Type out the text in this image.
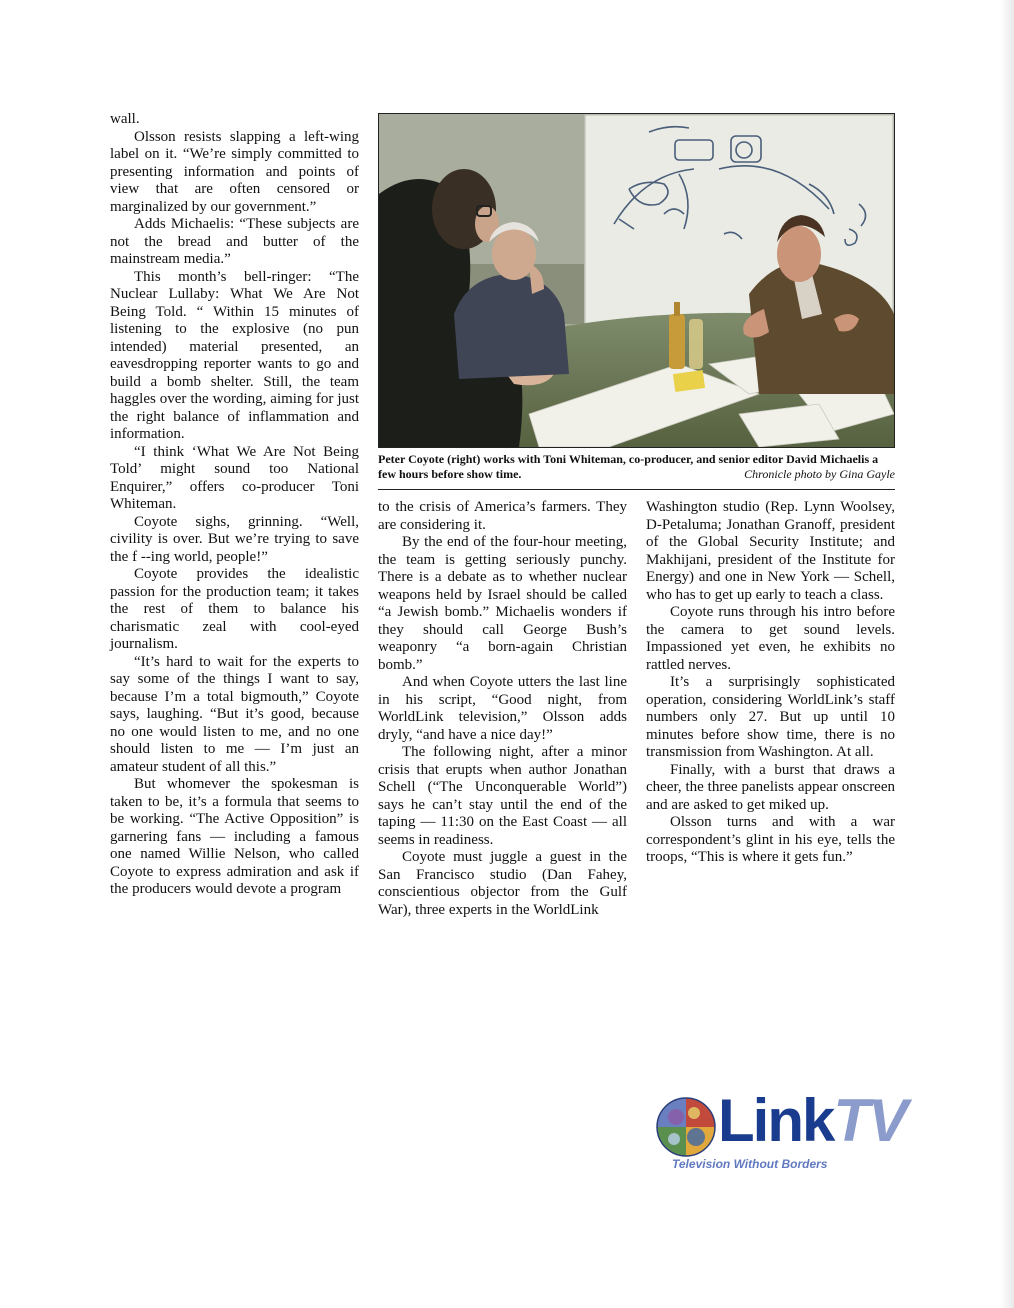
wall.

Olsson resists slapping a left-wing label on it. “We’re simply committed to presenting information and points of view that are often censored or marginalized by our government.”

Adds Michaelis: “These subjects are not the bread and butter of the mainstream media.”

This month’s bell-ringer: “The Nuclear Lullaby: What We Are Not Being Told. “ Within 15 minutes of listening to the explosive (no pun intended) material presented, an eavesdropping reporter wants to go and build a bomb shelter. Still, the team haggles over the wording, aiming for just the right balance of inflammation and information.

“I think ‘What We Are Not Being Told’ might sound too National Enquirer,” offers co-producer Toni Whiteman.

Coyote sighs, grinning. “Well, civility is over. But we’re trying to save the f --ing world, people!”

Coyote provides the idealistic passion for the production team; it takes the rest of them to balance his charismatic zeal with cool-eyed journalism.

“It’s hard to wait for the experts to say some of the things I want to say, because I’m a total bigmouth,” Coyote says, laughing. “But it’s good, because no one would listen to me, and no one should listen to me — I’m just an amateur student of all this.”

But whomever the spokesman is taken to be, it’s a formula that seems to be working. “The Active Opposition” is garnering fans — including a famous one named Willie Nelson, who called Coyote to express admiration and ask if the producers would devote a program

Peter Coyote (right) works with Toni Whiteman, co-producer, and senior editor David Michaelis a few hours before show time.	Chronicle photo by Gina Gayle

to the crisis of America’s farmers. They are considering it.

By the end of the four-hour meeting, the team is getting seriously punchy. There is a debate as to whether nuclear weapons held by Israel should be called “a Jewish bomb.” Michaelis wonders if they should call George Bush’s weaponry “a born-again Christian bomb.”

And when Coyote utters the last line in his script, “Good night, from WorldLink television,” Olsson adds dryly, “and have a nice day!”

The following night, after a minor crisis that erupts when author Jonathan Schell (“The Unconquerable World”) says he can’t stay until the end of the taping — 11:30 on the East Coast — all seems in readiness.

Coyote must juggle a guest in the San Francisco studio (Dan Fahey, conscientious objector from the Gulf War), three experts in the WorldLink

Washington studio (Rep. Lynn Woolsey, D-Petaluma; Jonathan Granoff, president of the Global Security Institute; and Makhijani, president of the Institute for Energy) and one in New York — Schell, who has to get up early to teach a class.

Coyote runs through his intro before the camera to get sound levels. Impassioned yet even, he exhibits no rattled nerves.

It’s a surprisingly sophisticated operation, considering WorldLink’s staff numbers only 27. But up until 10 minutes before show time, there is no transmission from Washington. At all.

Finally, with a burst that draws a cheer, the three panelists appear onscreen and are asked to get miked up.

Olsson turns and with a war correspondent’s glint in his eye, tells the troops, “This is where it gets fun.”

LinkTV
Television Without Borders
